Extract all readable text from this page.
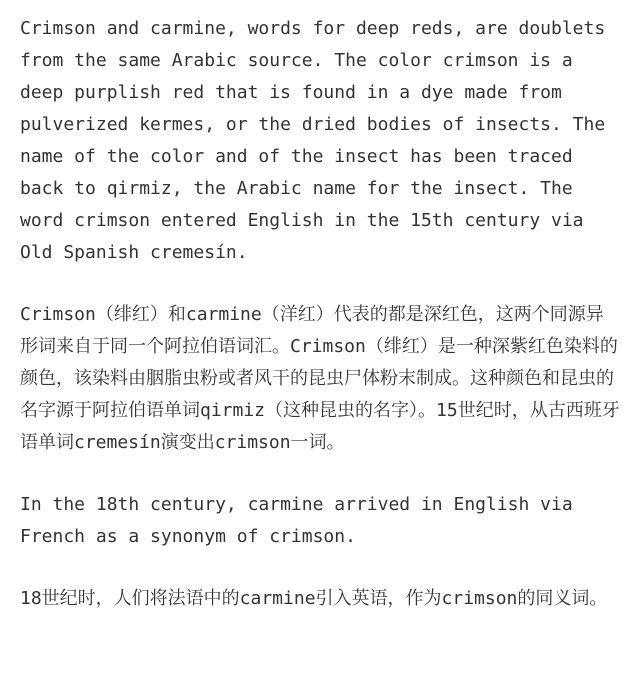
Crimson and carmine, words for deep reds, are doublets from the same Arabic source. The color crimson is a deep purplish red that is found in a dye made from pulverized kermes, or the dried bodies of insects. The name of the color and of the insect has been traced back to qirmiz, the Arabic name for the insect. The word crimson entered English in the 15th century via Old Spanish cremesín.

Crimson（绯红）和carmine（洋红）代表的都是深红色，这两个同源异形词来自于同一个阿拉伯语词汇。Crimson（绯红）是一种深紫红色染料的颜色，该染料由胭脂虫粉或者风干的昆虫尸体粉末制成。这种颜色和昆虫的名字源于阿拉伯语单词qirmiz（这种昆虫的名字）。15世纪时，从古西班牙语单词cremesín演变出crimson一词。

In the 18th century, carmine arrived in English via French as a synonym of crimson.

18世纪时，人们将法语中的carmine引入英语，作为crimson的同义词。
